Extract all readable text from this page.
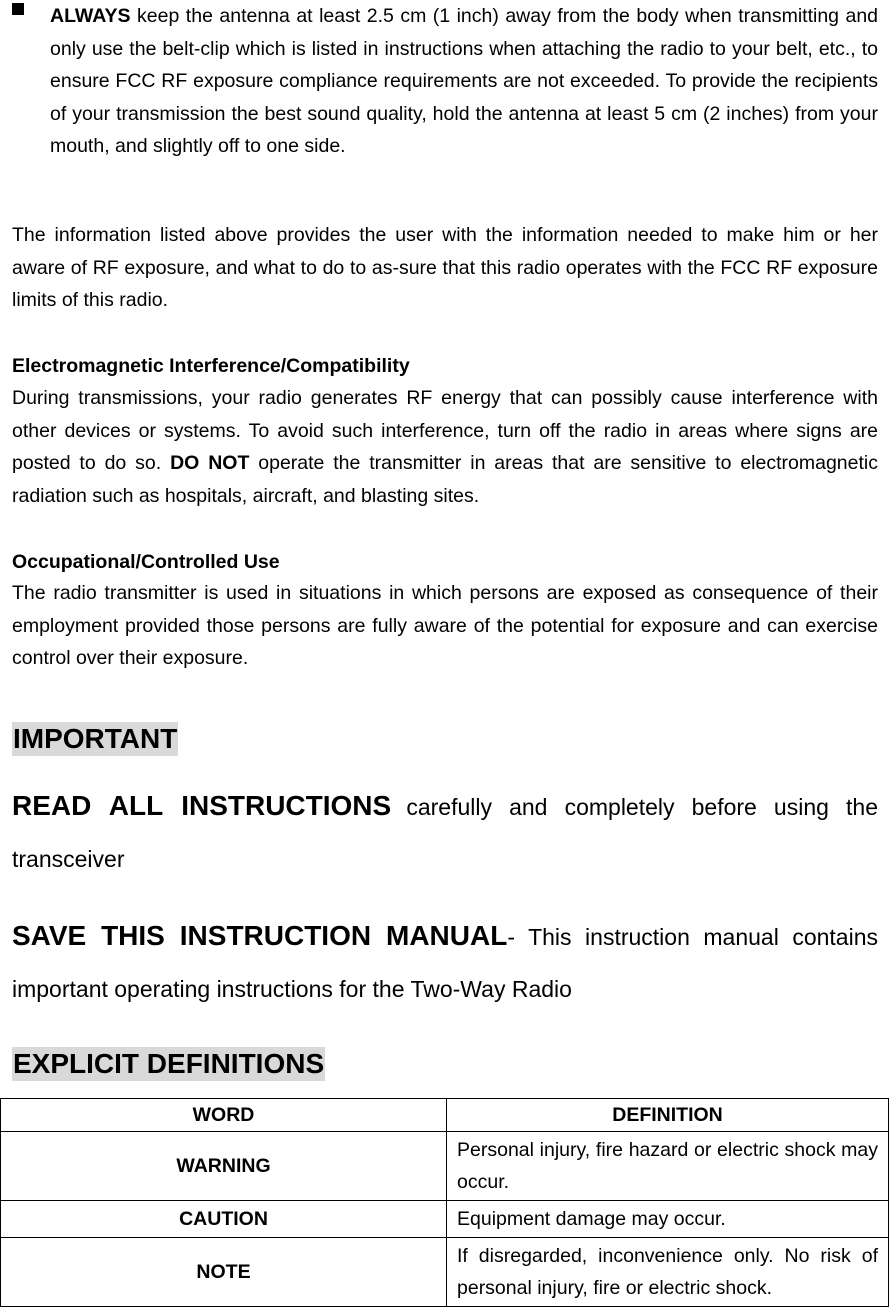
ALWAYS keep the antenna at least 2.5 cm (1 inch) away from the body when transmitting and only use the belt-clip which is listed in instructions when attaching the radio to your belt, etc., to ensure FCC RF exposure compliance requirements are not exceeded. To provide the recipients of your transmission the best sound quality, hold the antenna at least 5 cm (2 inches) from your mouth, and slightly off to one side.
The information listed above provides the user with the information needed to make him or her aware of RF exposure, and what to do to as-sure that this radio operates with the FCC RF exposure limits of this radio.
Electromagnetic Interference/Compatibility
During transmissions, your radio generates RF energy that can possibly cause interference with other devices or systems. To avoid such interference, turn off the radio in areas where signs are posted to do so. DO NOT operate the transmitter in areas that are sensitive to electromagnetic radiation such as hospitals, aircraft, and blasting sites.
Occupational/Controlled Use
The radio transmitter is used in situations in which persons are exposed as consequence of their employment provided those persons are fully aware of the potential for exposure and can exercise control over their exposure.
IMPORTANT
READ ALL INSTRUCTIONS carefully and completely before using the transceiver
SAVE THIS INSTRUCTION MANUAL- This instruction manual contains important operating instructions for the Two-Way Radio
EXPLICIT DEFINITIONS
WORD	DEFINITION
WARNING	Personal injury, fire hazard or electric shock may occur.
CAUTION	Equipment damage may occur.
NOTE	If disregarded, inconvenience only. No risk of personal injury, fire or electric shock.
